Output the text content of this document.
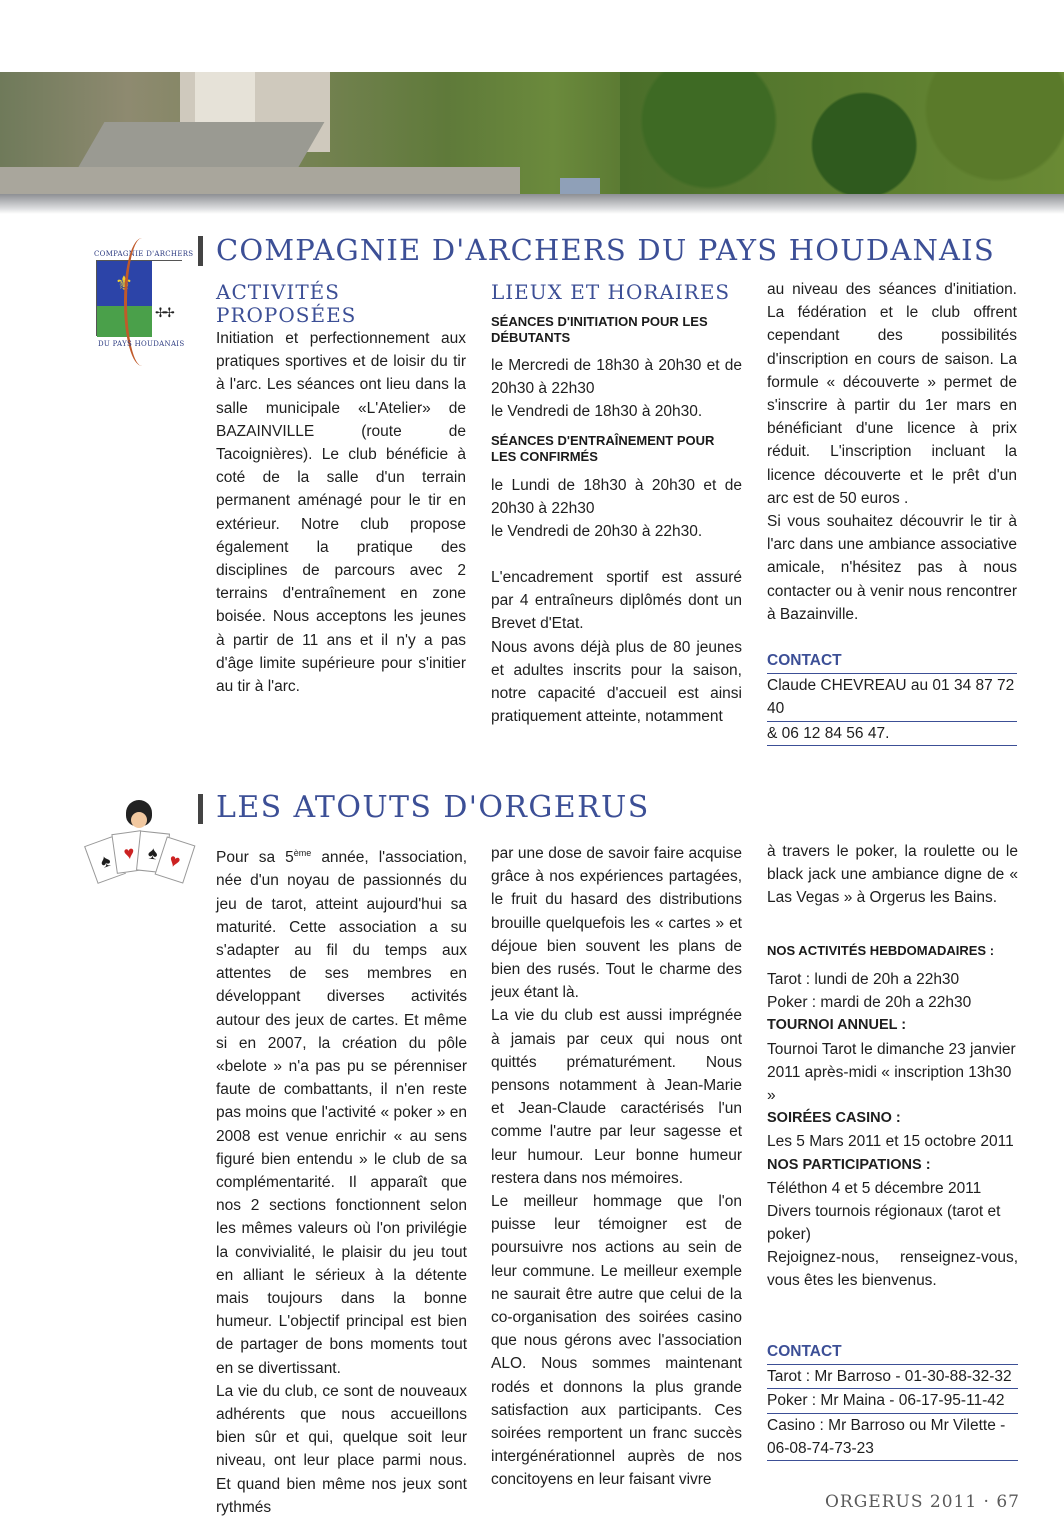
COMPAGNIE D'ARCHERS
⚜
✢✢
DU PAYS HOUDANAIS
COMPAGNIE D'ARCHERS DU PAYS HOUDANAIS
ACTIVITÉS
PROPOSÉES

Initiation et perfectionnement aux pratiques sportives et de loisir du tir à l'arc. Les séances ont lieu dans la salle municipale «L'Atelier» de BAZAINVILLE (route de Tacoignières). Le club bénéficie à coté de la salle d'un terrain permanent aménagé pour le tir en extérieur. Notre club propose également la pratique des disciplines de parcours avec 2 terrains d'entraînement en zone boisée. Nous acceptons les jeunes à partir de 11 ans et il n'y a pas d'âge limite supérieure pour s'initier au tir à l'arc.

LIEUX ET HORAIRES
SÉANCES D'INITIATION POUR LES DÉBUTANTS

le Mercredi de 18h30 à 20h30 et de 20h30 à 22h30

le Vendredi de 18h30 à 20h30.

SÉANCES D'ENTRAÎNEMENT POUR LES CONFIRMÉS

le Lundi de 18h30 à 20h30 et de 20h30 à 22h30

le Vendredi de 20h30 à 22h30.

L'encadrement sportif est assuré par 4 entraîneurs diplômés dont un Brevet d'Etat.

Nous avons déjà plus de 80 jeunes et adultes inscrits pour la saison, notre capacité d'accueil est ainsi pratiquement atteinte, notamment

au niveau des séances d'initiation. La fédération et le club offrent cependant des possibilités d'inscription en cours de saison. La formule « découverte » permet de s'inscrire à partir du 1er mars en bénéficiant d'une licence à prix réduit. L'inscription incluant la licence découverte et le prêt d'un arc est de 50 euros .

Si vous souhaitez découvrir le tir à l'arc dans une ambiance associative amicale, n'hésitez pas à nous contacter ou à venir nous rencontrer à Bazainville.

CONTACT
Claude CHEVREAU au 01 34 87 72 40
& 06 12 84 56 47.
♠ ♥ ♠ ♥
LES ATOUTS D'ORGERUS

Pour sa 5ème année, l'association, née d'un noyau de passionnés du jeu de tarot, atteint aujourd'hui sa maturité. Cette association a su s'adapter au fil du temps aux attentes de ses membres en développant diverses activités autour des jeux de cartes. Et même si en 2007, la création du pôle «belote » n'a pas pu se pérenniser faute de combattants, il n'en reste pas moins que l'activité « poker » en 2008 est venue enrichir « au sens figuré bien entendu » le club de sa complémentarité. Il apparaît que nos 2 sections fonctionnent selon les mêmes valeurs où l'on privilégie la convivialité, le plaisir du jeu tout en alliant le sérieux à la détente mais toujours dans la bonne humeur. L'objectif principal est bien de partager de bons moments tout en se divertissant.

La vie du club, ce sont de nouveaux adhérents que nous accueillons bien sûr et qui, quelque soit leur niveau, ont leur place parmi nous. Et quand bien même nos jeux sont rythmés

par une dose de savoir faire acquise grâce à nos expériences partagées, le fruit du hasard des distributions brouille quelquefois les « cartes » et déjoue bien souvent les plans de bien des rusés. Tout le charme des jeux étant là.

La vie du club est aussi imprégnée à jamais par ceux qui nous ont quittés prématurément. Nous pensons notamment à Jean-Marie et Jean-Claude caractérisés l'un comme l'autre par leur sagesse et leur humour. Leur bonne humeur restera dans nos mémoires.

Le meilleur hommage que l'on puisse leur témoigner est de poursuivre nos actions au sein de leur commune. Le meilleur exemple ne saurait être autre que celui de la co-organisation des soirées casino que nous gérons avec l'association ALO. Nous sommes maintenant rodés et donnons la plus grande satisfaction aux participants. Ces soirées remportent un franc succès intergénérationnel auprès de nos concitoyens en leur faisant vivre

à travers le poker, la roulette ou le black jack une ambiance digne de « Las Vegas » à Orgerus les Bains.

NOS ACTIVITÉS HEBDOMADAIRES :

Tarot : lundi de 20h a 22h30

Poker : mardi de 20h a 22h30

TOURNOI ANNUEL :

Tournoi Tarot le dimanche 23 janvier 2011 après-midi « inscription 13h30 »

SOIRÉES CASINO :

Les 5 Mars 2011 et 15 octobre 2011

NOS PARTICIPATIONS :

Téléthon 4 et 5 décembre 2011

Divers tournois régionaux (tarot et poker)

Rejoignez-nous, renseignez-vous, vous êtes les bienvenus.

CONTACT
Tarot : Mr Barroso - 01-30-88-32-32
Poker : Mr Maina - 06-17-95-11-42
Casino : Mr Barroso ou Mr Vilette -
06-08-74-73-23
ORGERUS 2011 · 67
